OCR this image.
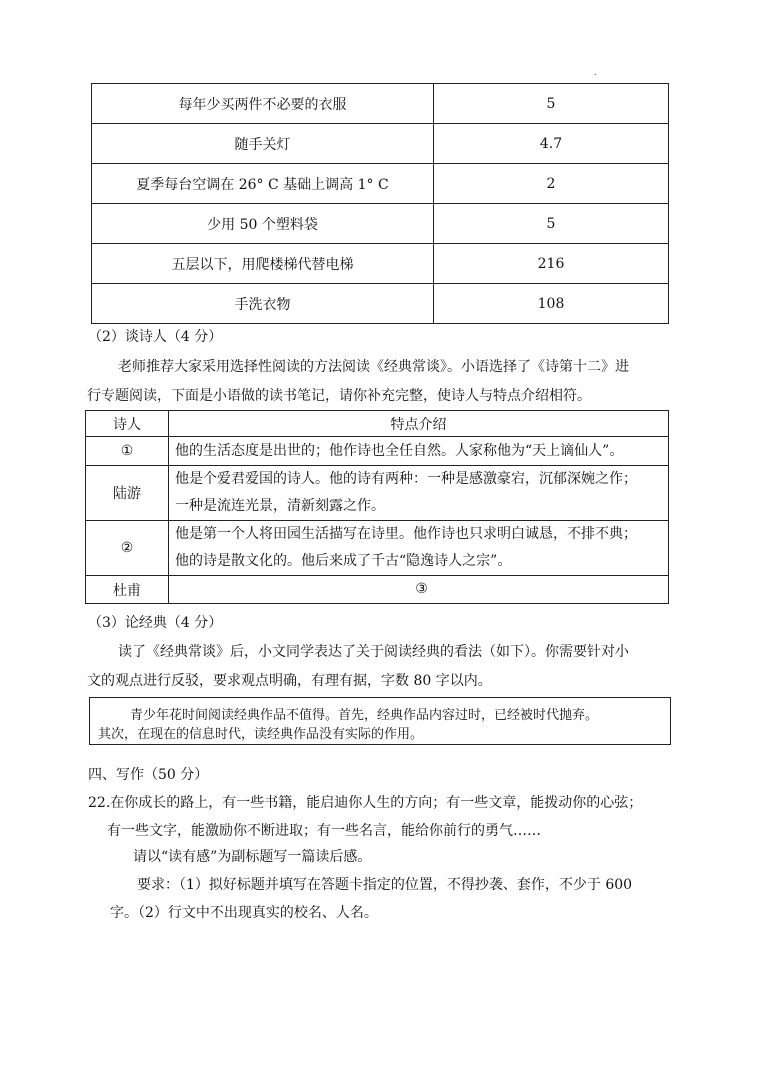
.
每年少买两件不必要的衣服	5
随手关灯	4.7
夏季每台空调在 26° C 基础上调高 1° C	2
少用 50 个塑料袋	5
五层以下，用爬楼梯代替电梯	216
手洗衣物	108
（2）谈诗人（4 分）
老师推荐大家采用选择性阅读的方法阅读《经典常谈》。小语选择了《诗第十二》进
行专题阅读，下面是小语做的读书笔记，请你补充完整，使诗人与特点介绍相符。
诗人	特点介绍
①	他的生活态度是出世的；他作诗也全任自然。人家称他为“天上谪仙人”。

陆游	他是个爱君爱国的诗人。他的诗有两种：一种是感激豪宕，沉郁深婉之作；
一种是流连光景，清新刻露之作。

②	他是第一个人将田园生活描写在诗里。他作诗也只求明白诚恳，不排不典；
他的诗是散文化的。他后来成了千古“隐逸诗人之宗”。

杜甫	③
（3）论经典（4 分）
读了《经典常谈》后，小文同学表达了关于阅读经典的看法（如下）。你需要针对小
文的观点进行反驳，要求观点明确，有理有据，字数 80 字以内。
青少年花时间阅读经典作品不值得。首先，经典作品内容过时，已经被时代抛弃。
其次，在现在的信息时代，读经典作品没有实际的作用。
四、写作（50 分）
22.在你成长的路上，有一些书籍，能启迪你人生的方向；有一些文章，能拨动你的心弦；
有一些文字，能激励你不断进取；有一些名言，能给你前行的勇气……
请以“读有感”为副标题写一篇读后感。
要求：（1）拟好标题并填写在答题卡指定的位置，不得抄袭、套作，不少于 600
字。（2）行文中不出现真实的校名、人名。
